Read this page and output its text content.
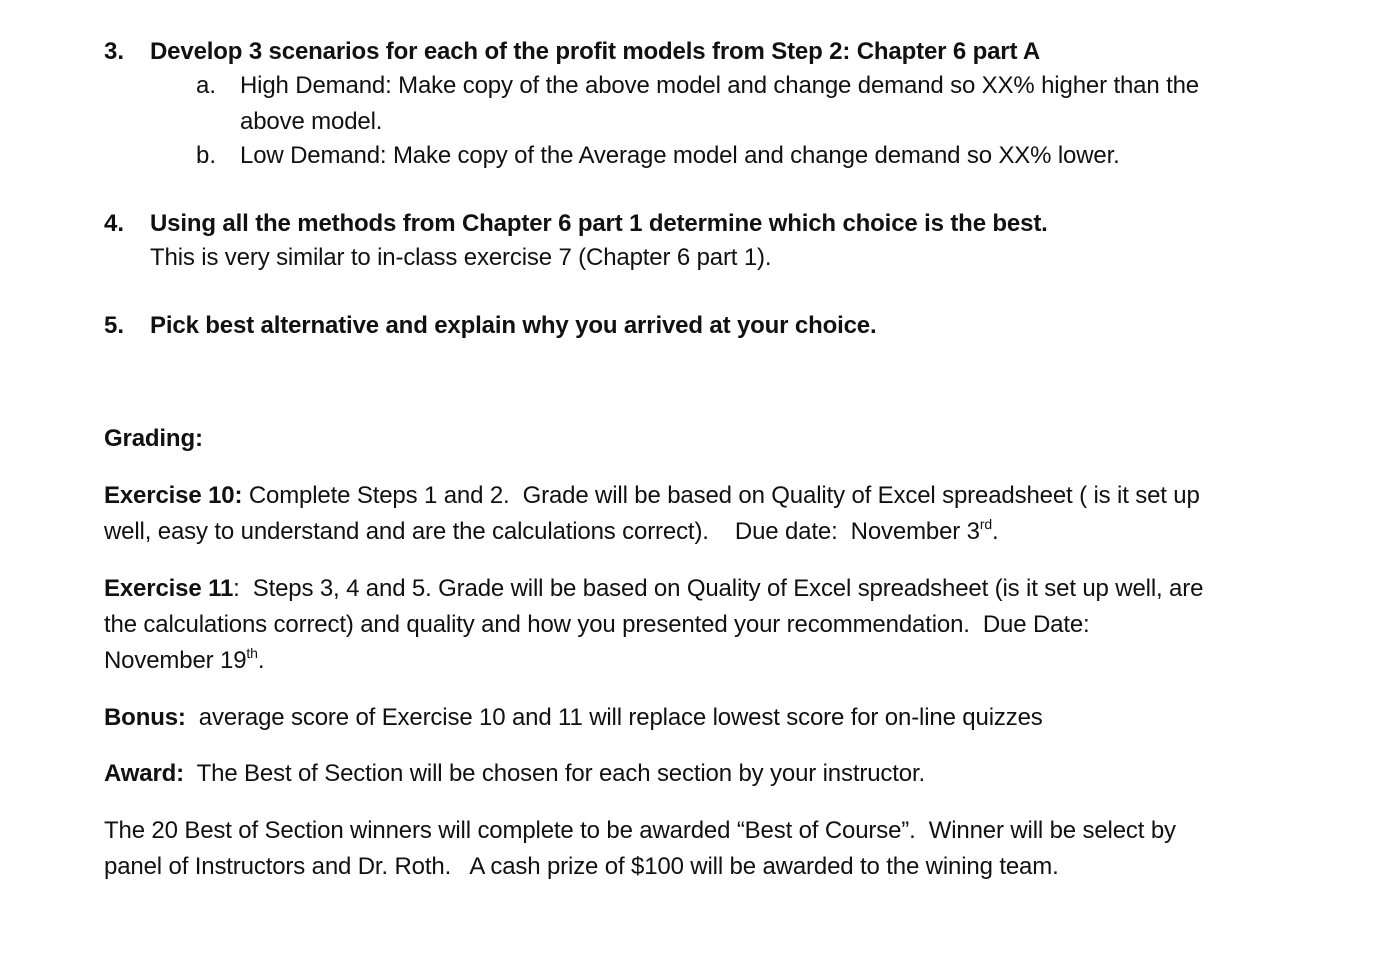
3. Develop 3 scenarios for each of the profit models from Step 2: Chapter 6 part A
a. High Demand: Make copy of the above model and change demand so XX% higher than the
above model.
b. Low Demand: Make copy of the Average model and change demand so XX% lower.
4. Using all the methods from Chapter 6 part 1 determine which choice is the best.
This is very similar to in-class exercise 7 (Chapter 6 part 1).
5. Pick best alternative and explain why you arrived at your choice.
Grading:
Exercise 10: Complete Steps 1 and 2.  Grade will be based on Quality of Excel spreadsheet ( is it set up
well, easy to understand and are the calculations correct).    Due date:  November 3rd.
Exercise 11:  Steps 3, 4 and 5. Grade will be based on Quality of Excel spreadsheet (is it set up well, are
the calculations correct) and quality and how you presented your recommendation.  Due Date:
November 19th.
Bonus:  average score of Exercise 10 and 11 will replace lowest score for on-line quizzes
Award:  The Best of Section will be chosen for each section by your instructor.
The 20 Best of Section winners will complete to be awarded “Best of Course”.  Winner will be select by
panel of Instructors and Dr. Roth.   A cash prize of $100 will be awarded to the wining team.
